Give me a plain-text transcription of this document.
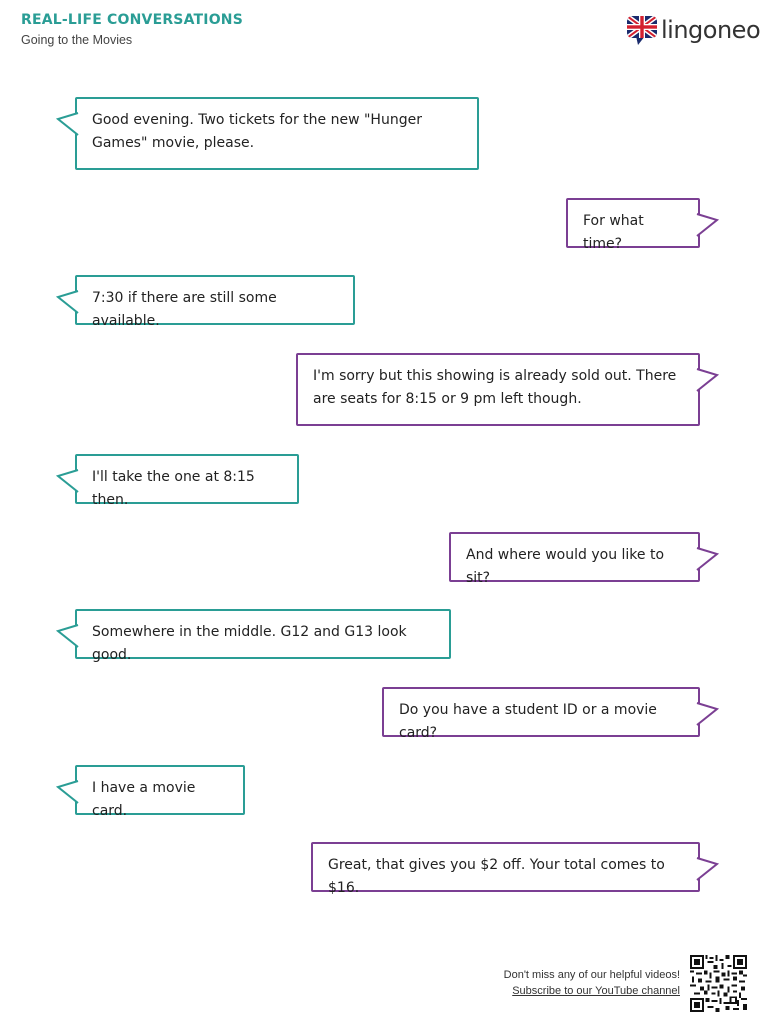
REAL-LIFE CONVERSATIONS
Going to the Movies	lingoneo
Good evening. Two tickets for the new "Hunger Games" movie, please.
For what time?
7:30 if there are still some available.
I'm sorry but this showing is already sold out. There are seats for 8:15 or 9 pm left though.
I'll take the one at 8:15 then.
And where would you like to sit?
Somewhere in the middle. G12 and G13 look good.
Do you have a student ID or a movie card?
I have a movie card.
Great, that gives you $2 off. Your total comes to $16.
Don't miss any of our helpful videos!
Subscribe to our YouTube channel
